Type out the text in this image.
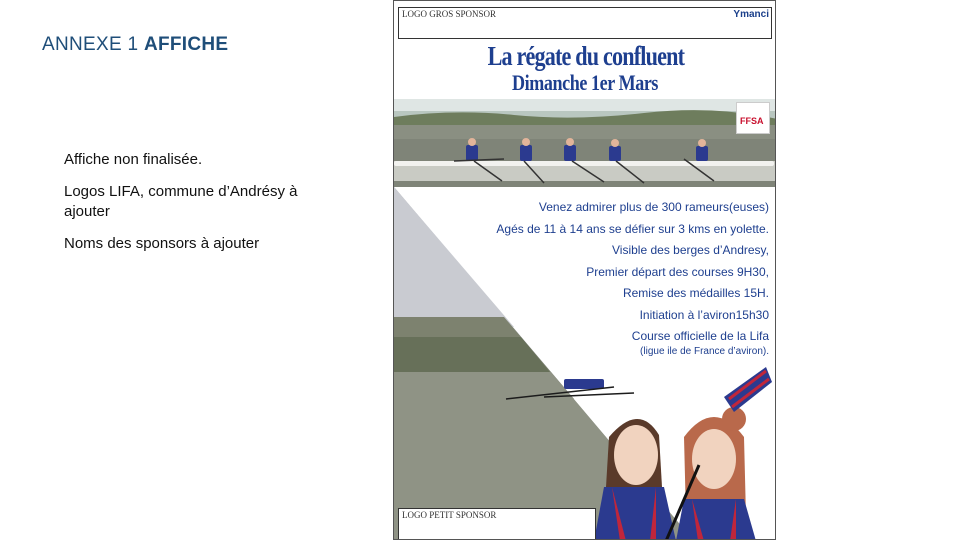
ANNEXE 1 AFFICHE

Affiche non finalisée.

Logos LIFA, commune d’Andrésy à ajouter

Noms des sponsors à ajouter

LOGO GROS SPONSOR	Ymanci
La régate du confluent
Dimanche 1er Mars
FFSA
Venez admirer plus de 300 rameurs(euses)
Agés de 11 à 14 ans se défier sur 3 kms en yolette.
Visible des berges d’Andresy,
Premier départ des courses 9H30,
Remise des médailles 15H.
Initiation à l’aviron15h30
Course officielle de la Lifa
(ligue ile de France d’aviron).
LOGO PETIT SPONSOR
